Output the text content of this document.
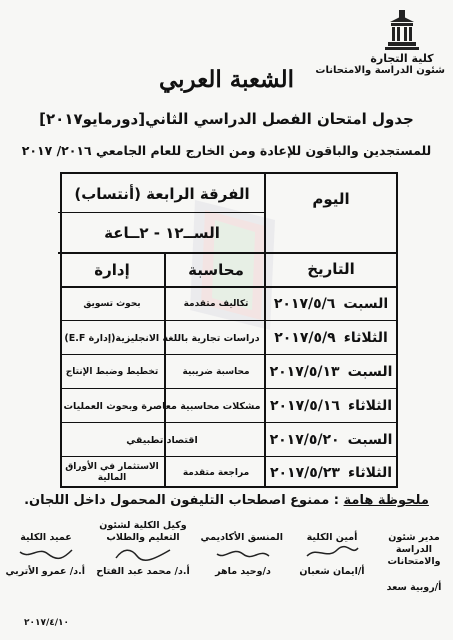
كلية التجارة
شئون الدراسة والامتحانات
الشعبة العربي
جدول امتحان الفصل الدراسي الثاني[دورمايو٢٠١٧]
للمستجدين والباقون للإعادة ومن الخارج للعام الجامعي ٢٠١٦/ ٢٠١٧
اليوم
التاريخ
الفرقة الرابعة (أنتساب)
الســ١٢ - ٢ــاعة
محاسبة
إدارة
السبت
٢٠١٧/٥/٦
تكاليف متقدمة
بحوث تسويق
الثلاثاء
٢٠١٧/٥/٩
دراسات تجارية باللغة الانجليزية(إدارة E.F)
السبت
٢٠١٧/٥/١٣
محاسبة ضريبية
تخطيط وضبط الإنتاج
الثلاثاء
٢٠١٧/٥/١٦
مشكلات محاسبية معاصرة وبحوث العمليات
السبت
٢٠١٧/٥/٢٠
اقتصاد تطبيقي
الثلاثاء
٢٠١٧/٥/٢٣
مراجعة متقدمة
الاستثمار في الأوراق المالية
ملحوظة هامة : ممنوع اصطحاب التليفون المحمول داخل اللجان.
مدير شئون الدراسة والامتحانات
أ/روبية سعد
أمين الكلية
أ/ايمان شعبان
المنسق الأكاديمي
د/وحيد ماهر
وكيل الكلية لشئون التعليم والطلاب
أ.د/ محمد عبد الفتاح
عميد الكلية
أ.د/ عمرو الأتربي
٢٠١٧/٤/١٠
